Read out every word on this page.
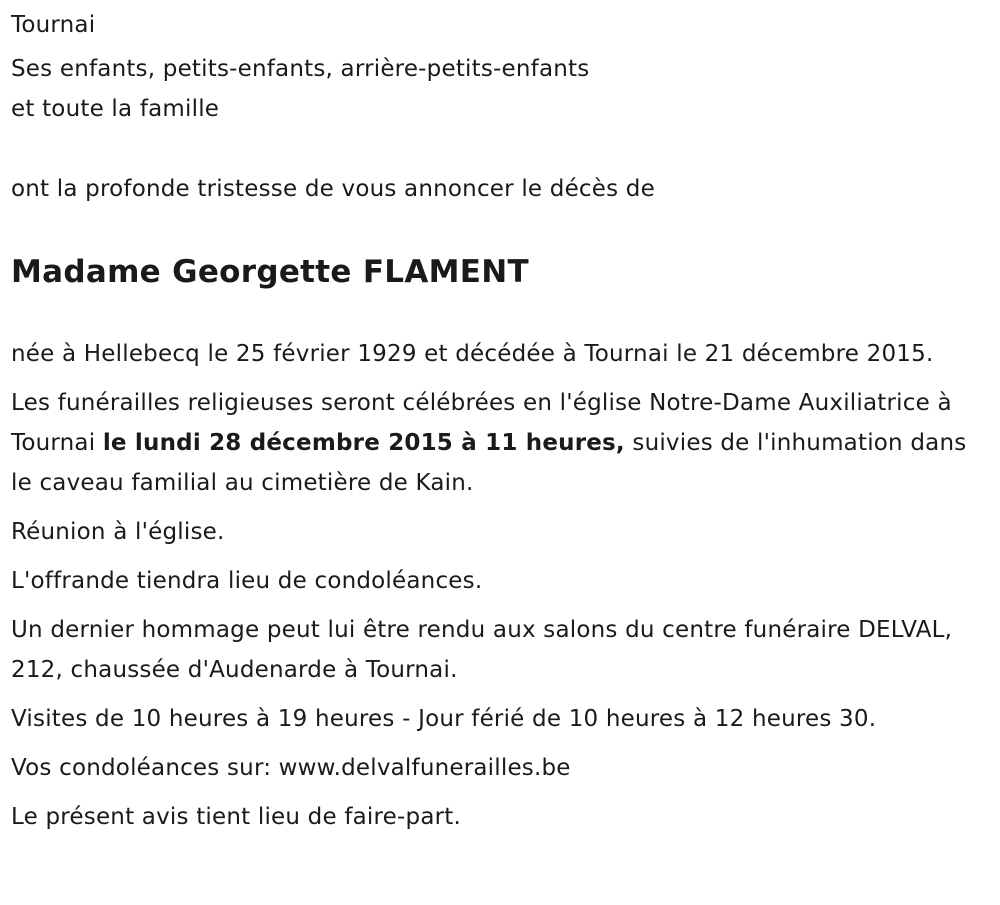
Tournai

Ses enfants, petits-enfants, arrière-petits-enfants

et toute la famille

ont la profonde tristesse de vous annoncer le décès de

Madame Georgette FLAMENT

née à Hellebecq le 25 février 1929 et décédée à Tournai le 21 décembre 2015.

Les funérailles religieuses seront célébrées en l'église Notre-Dame Auxiliatrice à Tournai le lundi 28 décembre 2015 à 11 heures, suivies de l'inhumation dans le caveau familial au cimetière de Kain.

Réunion à l'église.

L'offrande tiendra lieu de condoléances.

Un dernier hommage peut lui être rendu aux salons du centre funéraire DELVAL, 212, chaussée d'Audenarde à Tournai.

Visites de 10 heures à 19 heures - Jour férié de 10 heures à 12 heures 30.

Vos condoléances sur: www.delvalfunerailles.be

Le présent avis tient lieu de faire-part.
